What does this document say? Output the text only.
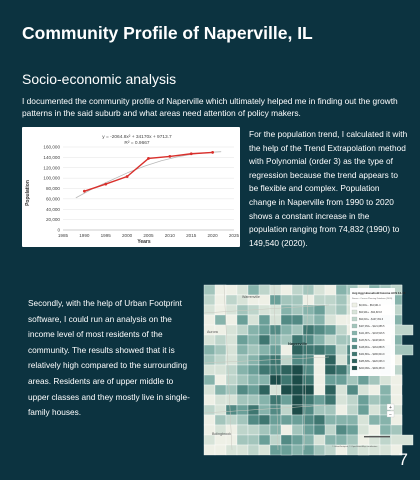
Community Profile of Naperville, IL
Socio-economic analysis
I documented the community profile of Naperville which ultimately helped me in finding out the growth patterns in the said suburb and what areas need attention of policy makers.
y = -2064.8x² + 34170x + 9713.7
R² = 0.9667
Population
Years
0
20,000
40,000
60,000
80,000
100,000
120,000
140,000
160,000
1985 1990 1995 2000 2005 2010 2015 2020 2025
For the population trend, I calculated it with the help of the Trend Extrapolation method with Polynomial (order 3) as the type of regression because the trend appears to be flexible and complex. Population change in Naperville from 1990 to 2020 shows a constant increase in the population ranging from 74,832 (1990) to 149,540 (2020).
Secondly, with the help of Urban Footprint software, I could run an analysis on the income level of most residents of the community. The results showed that it is relatively high compared to the surrounding areas. Residents are of upper middle to upper classes and they mostly live in single-family houses.
Warrenville
Naperville
Bolingbrook
Aurora
Avg Agg Household Income ACS 14-18
Source - Census Planning Database (2020)
$0,000+ - $64,991.4
$64,991+ - $94,615.8
$94,616+ - $107,451.6
$107,452+ - $121,086.5
$121,087+ - $133,516.5
$133,517+ - $148,960.6
$148,961+ - $164,880.5
$164,881+ - $186,604.9
$186,605+ - $220,066.3
$220,066+ - $409,453.9
+
−
© UrbanFootprint, © OpenStreetMap contributors
7
